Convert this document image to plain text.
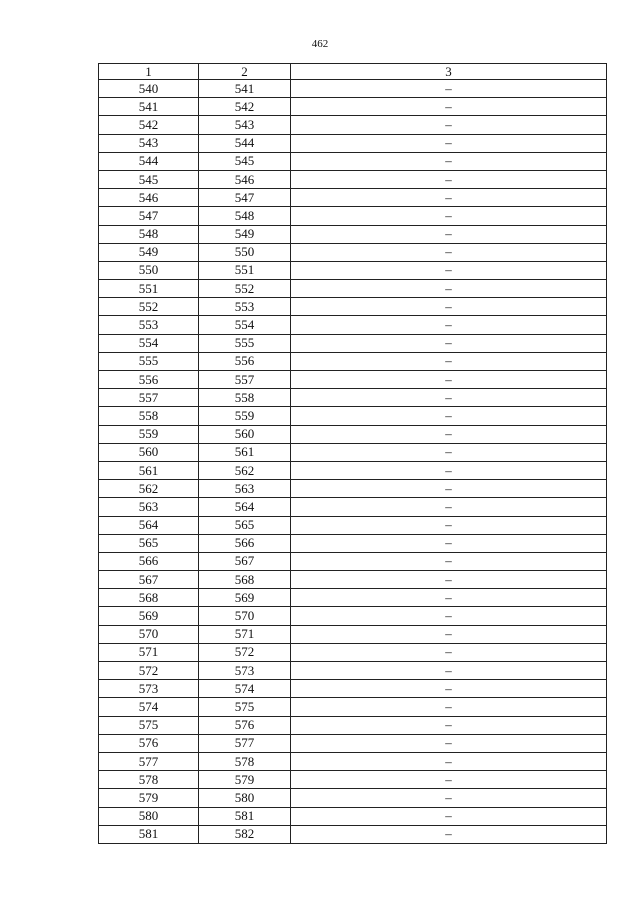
462
1	2	3
540	541	–
541	542	–
542	543	–
543	544	–
544	545	–
545	546	–
546	547	–
547	548	–
548	549	–
549	550	–
550	551	–
551	552	–
552	553	–
553	554	–
554	555	–
555	556	–
556	557	–
557	558	–
558	559	–
559	560	–
560	561	–
561	562	–
562	563	–
563	564	–
564	565	–
565	566	–
566	567	–
567	568	–
568	569	–
569	570	–
570	571	–
571	572	–
572	573	–
573	574	–
574	575	–
575	576	–
576	577	–
577	578	–
578	579	–
579	580	–
580	581	–
581	582	–
